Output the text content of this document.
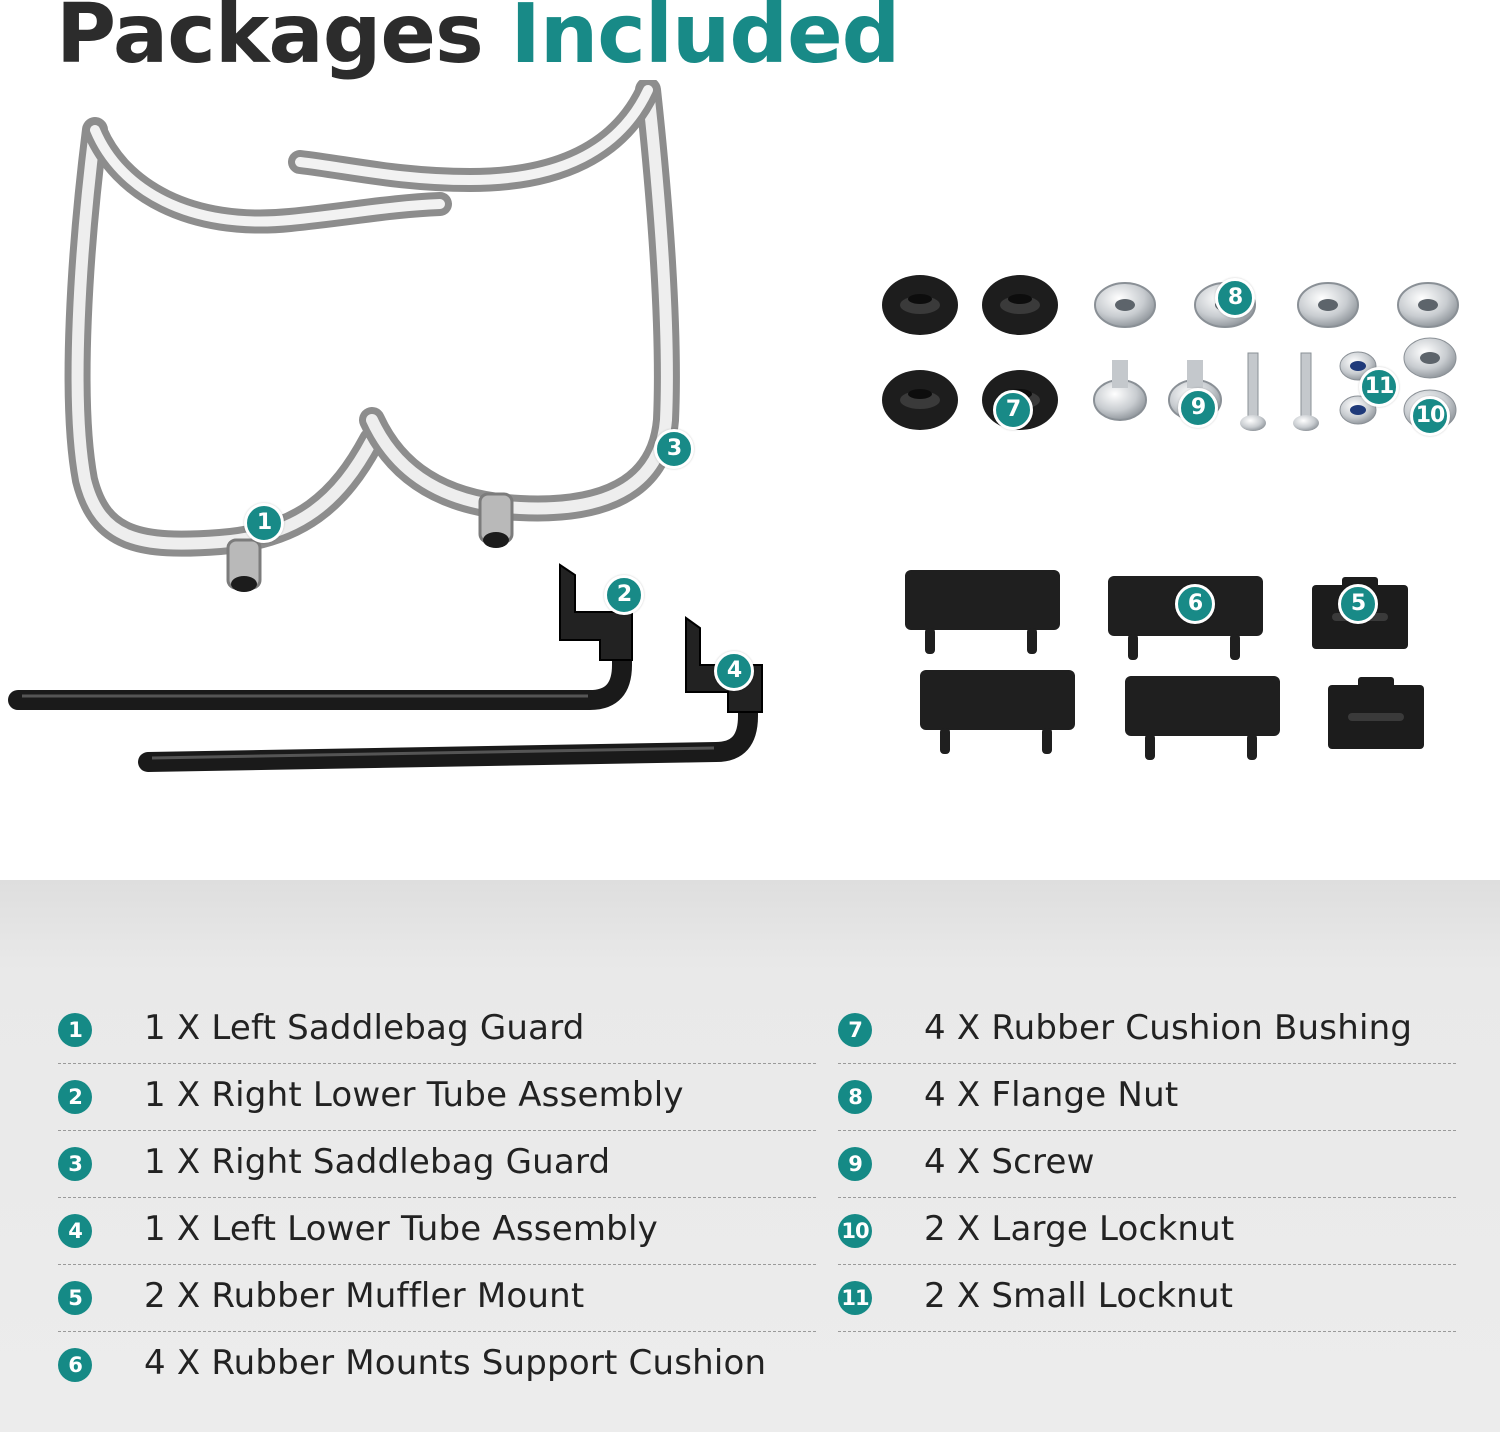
Packages Included
1
2
3
4
5
6
7
8
9	10
11
1 1 X Left Saddlebag Guard
2 1 X Right Lower Tube Assembly
3 1 X Right Saddlebag Guard
4 1 X Left Lower Tube Assembly
5 2 X Rubber Muffler Mount
6 4 X Rubber Mounts Support Cushion
7 4 X Rubber Cushion Bushing
8 4 X Flange Nut
9 4 X Screw
10 2 X Large Locknut
11 2 X Small Locknut
